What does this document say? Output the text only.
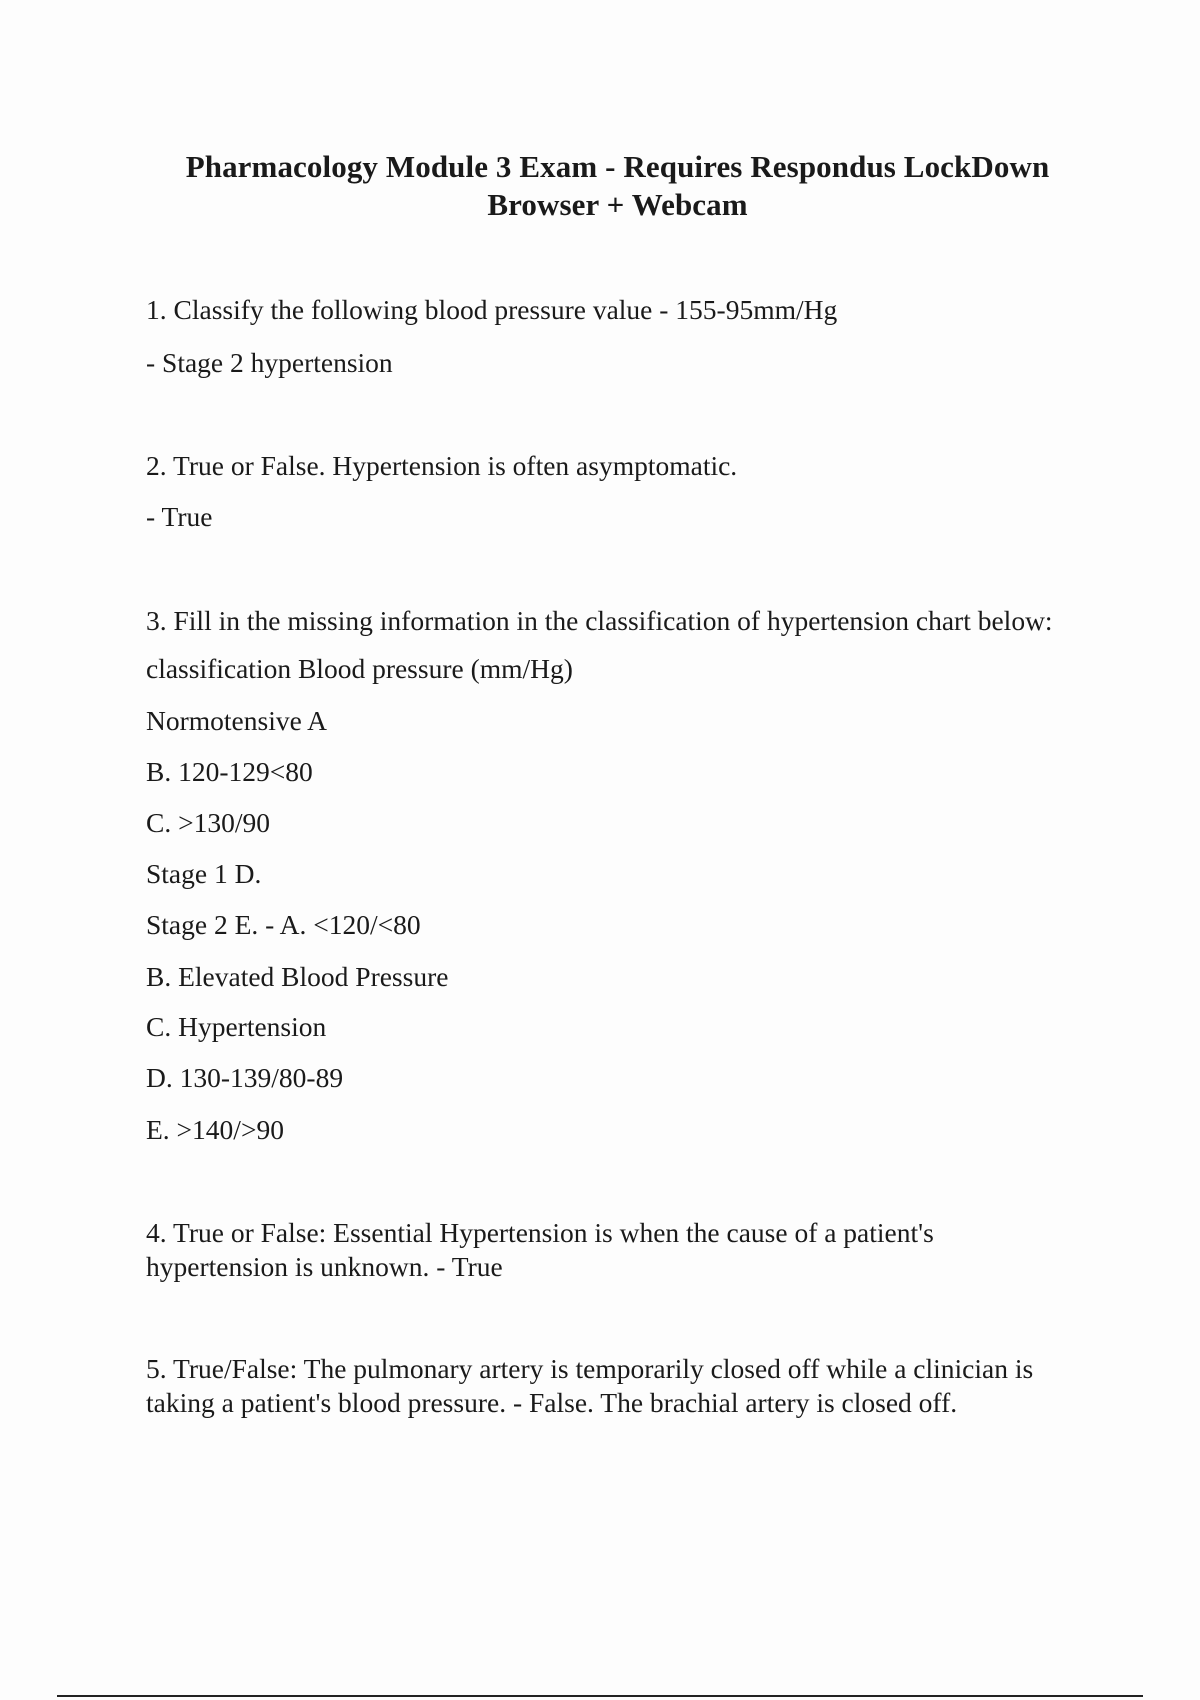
Pharmacology Module 3 Exam - Requires Respondus LockDown Browser + Webcam
1. Classify the following blood pressure value - 155-95mm/Hg
- Stage 2 hypertension
2. True or False. Hypertension is often asymptomatic.
- True
3. Fill in the missing information in the classification of hypertension chart below:
classification Blood pressure (mm/Hg)
Normotensive A
B. 120-129<80
C. >130/90
Stage 1 D.
Stage 2 E. - A. <120/<80
B. Elevated Blood Pressure
C. Hypertension
D. 130-139/80-89
E. >140/>90
4. True or False: Essential Hypertension is when the cause of a patient's hypertension is unknown. - True
5. True/False: The pulmonary artery is temporarily closed off while a clinician is taking a patient's blood pressure. - False. The brachial artery is closed off.
